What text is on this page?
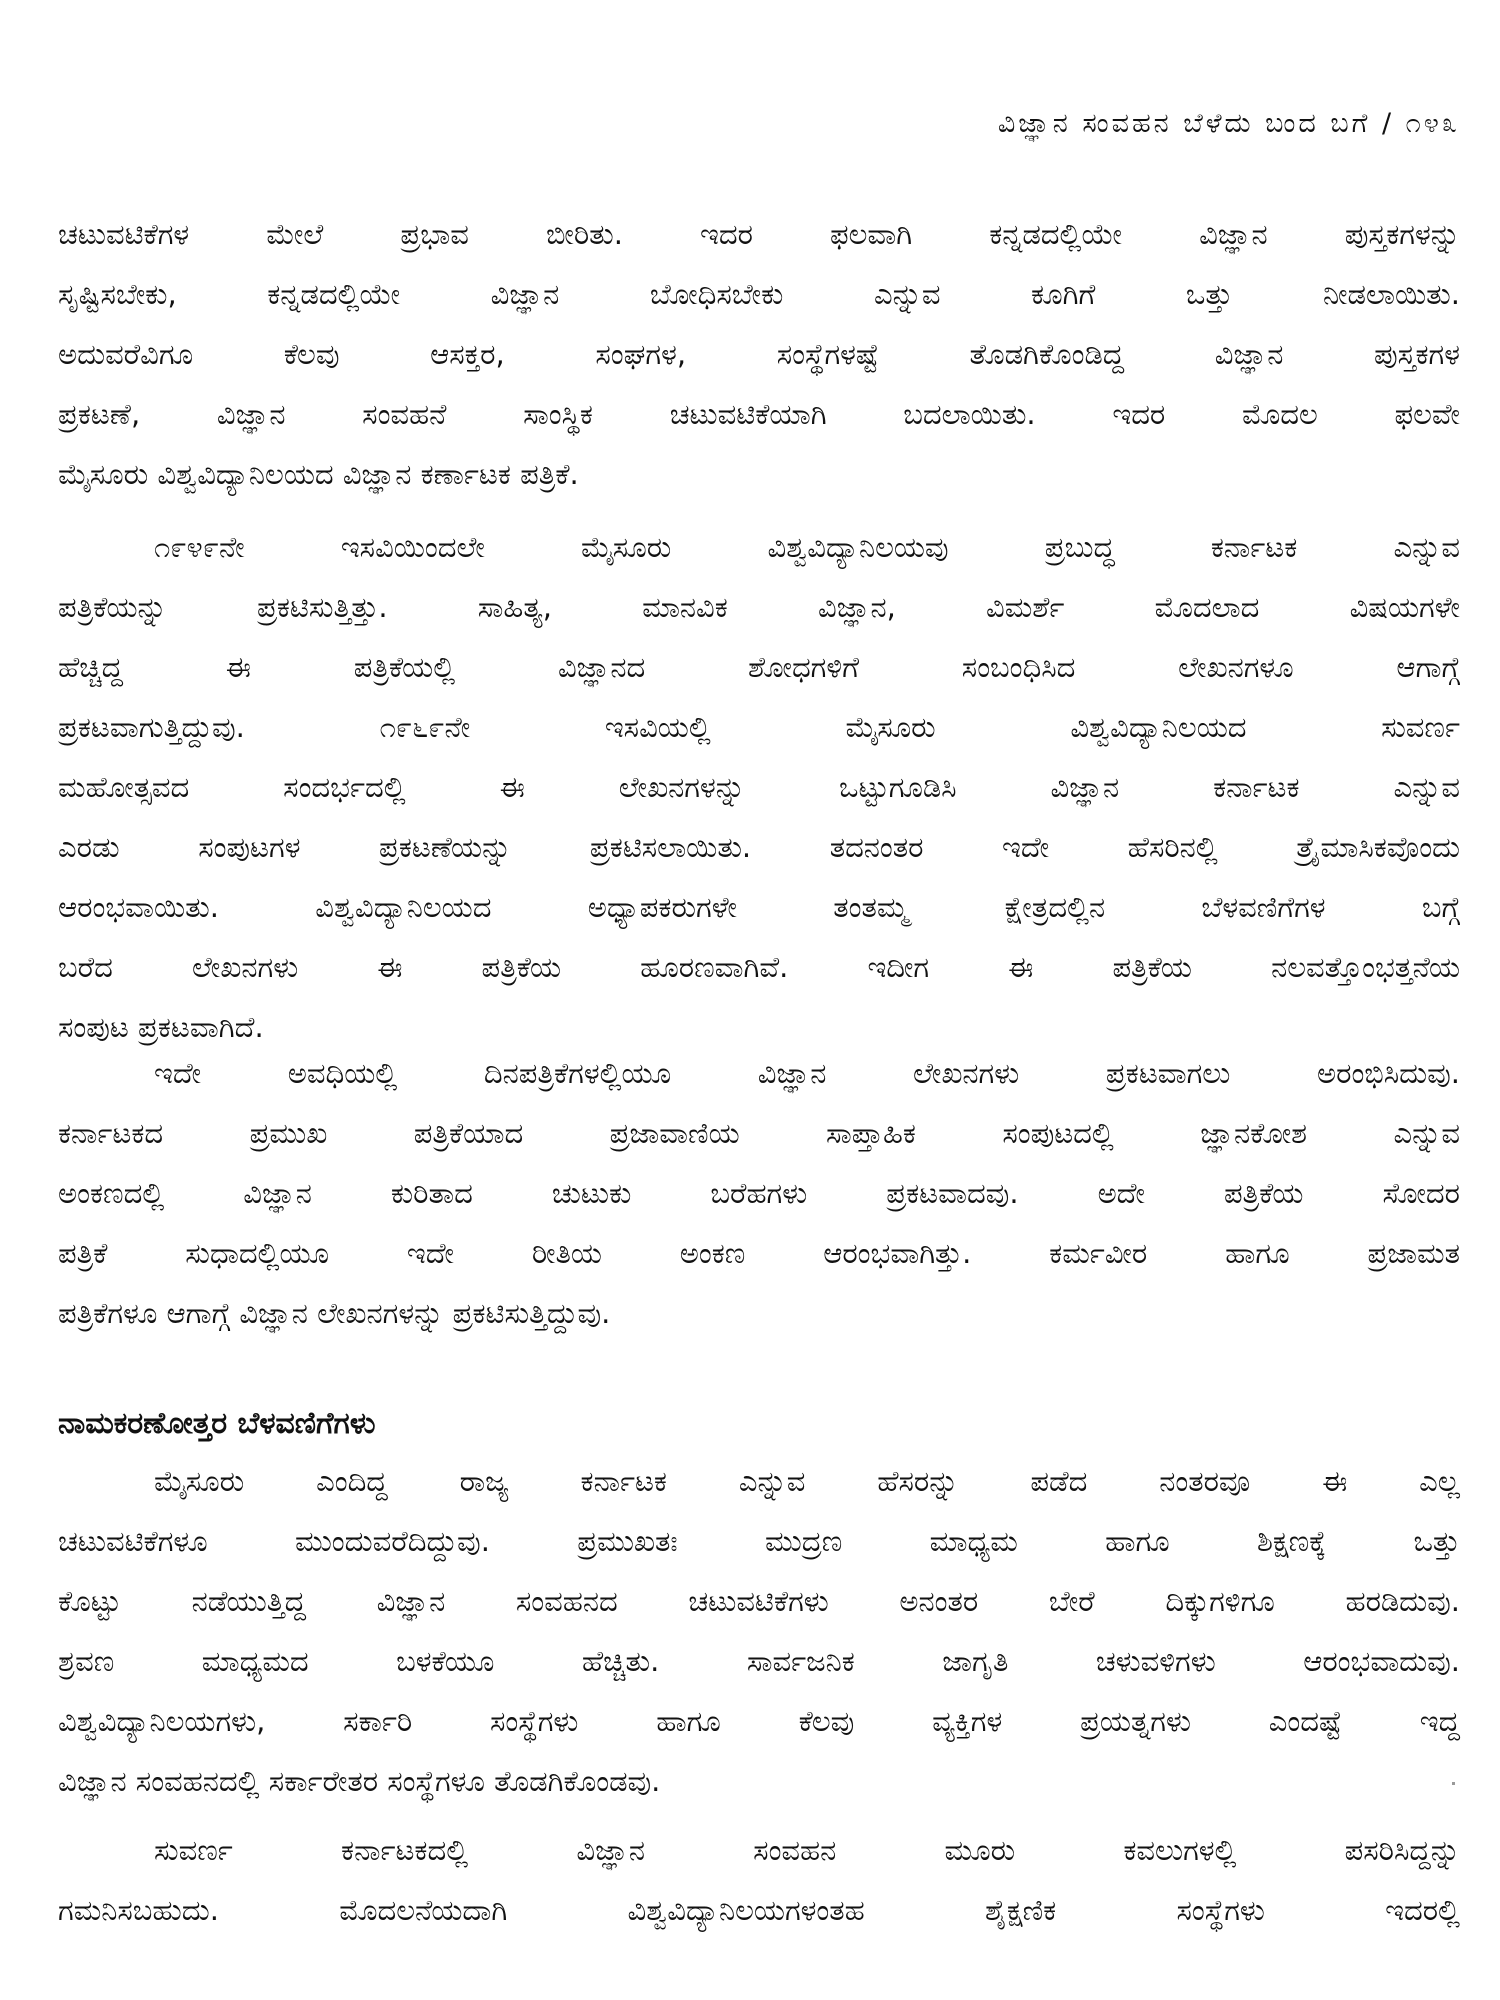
ವಿಜ್ಞಾನ ಸಂವಹನ ಬೆಳೆದು ಬಂದ ಬಗೆ / ೧೪೩
ಚಟುವಟಿಕೆಗಳ ಮೇಲೆ ಪ್ರಭಾವ ಬೀರಿತು. ಇದರ ಫಲವಾಗಿ ಕನ್ನಡದಲ್ಲಿಯೇ ವಿಜ್ಞಾನ ಪುಸ್ತಕಗಳನ್ನು
ಸೃಷ್ಟಿಸಬೇಕು, ಕನ್ನಡದಲ್ಲಿಯೇ ವಿಜ್ಞಾನ ಬೋಧಿಸಬೇಕು ಎನ್ನುವ ಕೂಗಿಗೆ ಒತ್ತು ನೀಡಲಾಯಿತು.
ಅದುವರೆವಿಗೂ ಕೆಲವು ಆಸಕ್ತರ, ಸಂಘಗಳ, ಸಂಸ್ಥೆಗಳಷ್ಟೆ ತೊಡಗಿಕೊಂಡಿದ್ದ ವಿಜ್ಞಾನ ಪುಸ್ತಕಗಳ
ಪ್ರಕಟಣೆ, ವಿಜ್ಞಾನ ಸಂವಹನೆ ಸಾಂಸ್ಥಿಕ ಚಟುವಟಿಕೆಯಾಗಿ ಬದಲಾಯಿತು. ಇದರ ಮೊದಲ ಫಲವೇ
ಮೈಸೂರು ವಿಶ್ವವಿದ್ಯಾನಿಲಯದ ವಿಜ್ಞಾನ ಕರ್ಣಾಟಕ ಪತ್ರಿಕೆ.
೧೯೪೯ನೇ ಇಸವಿಯಿಂದಲೇ ಮೈಸೂರು ವಿಶ್ವವಿದ್ಯಾನಿಲಯವು ಪ್ರಬುದ್ಧ ಕರ್ನಾಟಕ ಎನ್ನುವ
ಪತ್ರಿಕೆಯನ್ನು ಪ್ರಕಟಿಸುತ್ತಿತ್ತು. ಸಾಹಿತ್ಯ, ಮಾನವಿಕ ವಿಜ್ಞಾನ, ವಿಮರ್ಶೆ ಮೊದಲಾದ ವಿಷಯಗಳೇ
ಹೆಚ್ಚಿದ್ದ ಈ ಪತ್ರಿಕೆಯಲ್ಲಿ ವಿಜ್ಞಾನದ ಶೋಧಗಳಿಗೆ ಸಂಬಂಧಿಸಿದ ಲೇಖನಗಳೂ ಆಗಾಗ್ಗೆ
ಪ್ರಕಟವಾಗುತ್ತಿದ್ದುವು. ೧೯೬೯ನೇ ಇಸವಿಯಲ್ಲಿ ಮೈಸೂರು ವಿಶ್ವವಿದ್ಯಾನಿಲಯದ ಸುವರ್ಣ
ಮಹೋತ್ಸವದ ಸಂದರ್ಭದಲ್ಲಿ ಈ ಲೇಖನಗಳನ್ನು ಒಟ್ಟುಗೂಡಿಸಿ ವಿಜ್ಞಾನ ಕರ್ನಾಟಕ ಎನ್ನುವ
ಎರಡು ಸಂಪುಟಗಳ ಪ್ರಕಟಣೆಯನ್ನು ಪ್ರಕಟಿಸಲಾಯಿತು. ತದನಂತರ ಇದೇ ಹೆಸರಿನಲ್ಲಿ ತ್ರೈಮಾಸಿಕವೊಂದು
ಆರಂಭವಾಯಿತು. ವಿಶ್ವವಿದ್ಯಾನಿಲಯದ ಅಧ್ಯಾಪಕರುಗಳೇ ತಂತಮ್ಮ ಕ್ಷೇತ್ರದಲ್ಲಿನ ಬೆಳವಣಿಗೆಗಳ ಬಗ್ಗೆ
ಬರೆದ ಲೇಖನಗಳು ಈ ಪತ್ರಿಕೆಯ ಹೂರಣವಾಗಿವೆ. ಇದೀಗ ಈ ಪತ್ರಿಕೆಯ ನಲವತ್ತೊಂಭತ್ತನೆಯ
ಸಂಪುಟ ಪ್ರಕಟವಾಗಿದೆ.
ಇದೇ ಅವಧಿಯಲ್ಲಿ ದಿನಪತ್ರಿಕೆಗಳಲ್ಲಿಯೂ ವಿಜ್ಞಾನ ಲೇಖನಗಳು ಪ್ರಕಟವಾಗಲು ಅರಂಭಿಸಿದುವು.
ಕರ್ನಾಟಕದ ಪ್ರಮುಖ ಪತ್ರಿಕೆಯಾದ ಪ್ರಜಾವಾಣಿಯ ಸಾಪ್ತಾಹಿಕ ಸಂಪುಟದಲ್ಲಿ ಜ್ಞಾನಕೋಶ ಎನ್ನುವ
ಅಂಕಣದಲ್ಲಿ ವಿಜ್ಞಾನ ಕುರಿತಾದ ಚುಟುಕು ಬರೆಹಗಳು ಪ್ರಕಟವಾದವು. ಅದೇ ಪತ್ರಿಕೆಯ ಸೋದರ
ಪತ್ರಿಕೆ ಸುಧಾದಲ್ಲಿಯೂ ಇದೇ ರೀತಿಯ ಅಂಕಣ ಆರಂಭವಾಗಿತ್ತು. ಕರ್ಮವೀರ ಹಾಗೂ ಪ್ರಜಾಮತ
ಪತ್ರಿಕೆಗಳೂ ಆಗಾಗ್ಗೆ ವಿಜ್ಞಾನ ಲೇಖನಗಳನ್ನು ಪ್ರಕಟಿಸುತ್ತಿದ್ದುವು.
ನಾಮಕರಣೋತ್ತರ ಬೆಳವಣಿಗೆಗಳು
ಮೈಸೂರು ಎಂದಿದ್ದ ರಾಜ್ಯ ಕರ್ನಾಟಕ ಎನ್ನುವ ಹೆಸರನ್ನು ಪಡೆದ ನಂತರವೂ ಈ ಎಲ್ಲ
ಚಟುವಟಿಕೆಗಳೂ ಮುಂದುವರೆದಿದ್ದುವು. ಪ್ರಮುಖತಃ ಮುದ್ರಣ ಮಾಧ್ಯಮ ಹಾಗೂ ಶಿಕ್ಷಣಕ್ಕೆ ಒತ್ತು
ಕೊಟ್ಟು ನಡೆಯುತ್ತಿದ್ದ ವಿಜ್ಞಾನ ಸಂವಹನದ ಚಟುವಟಿಕೆಗಳು ಅನಂತರ ಬೇರೆ ದಿಕ್ಕುಗಳಿಗೂ ಹರಡಿದುವು.
ಶ್ರವಣ ಮಾಧ್ಯಮದ ಬಳಕೆಯೂ ಹೆಚ್ಚಿತು. ಸಾರ್ವಜನಿಕ ಜಾಗೃತಿ ಚಳುವಳಿಗಳು ಆರಂಭವಾದುವು.
ವಿಶ್ವವಿದ್ಯಾನಿಲಯಗಳು, ಸರ್ಕಾರಿ ಸಂಸ್ಥೆಗಳು ಹಾಗೂ ಕೆಲವು ವ್ಯಕ್ತಿಗಳ ಪ್ರಯತ್ನಗಳು ಎಂದಷ್ಟೆ ಇದ್ದ
ವಿಜ್ಞಾನ ಸಂವಹನದಲ್ಲಿ ಸರ್ಕಾರೇತರ ಸಂಸ್ಥೆಗಳೂ ತೊಡಗಿಕೊಂಡವು.
ಸುವರ್ಣ ಕರ್ನಾಟಕದಲ್ಲಿ ವಿಜ್ಞಾನ ಸಂವಹನ ಮೂರು ಕವಲುಗಳಲ್ಲಿ ಪಸರಿಸಿದ್ದನ್ನು
ಗಮನಿಸಬಹುದು. ಮೊದಲನೆಯದಾಗಿ ವಿಶ್ವವಿದ್ಯಾನಿಲಯಗಳಂತಹ ಶೈಕ್ಷಣಿಕ ಸಂಸ್ಥೆಗಳು ಇದರಲ್ಲಿ
